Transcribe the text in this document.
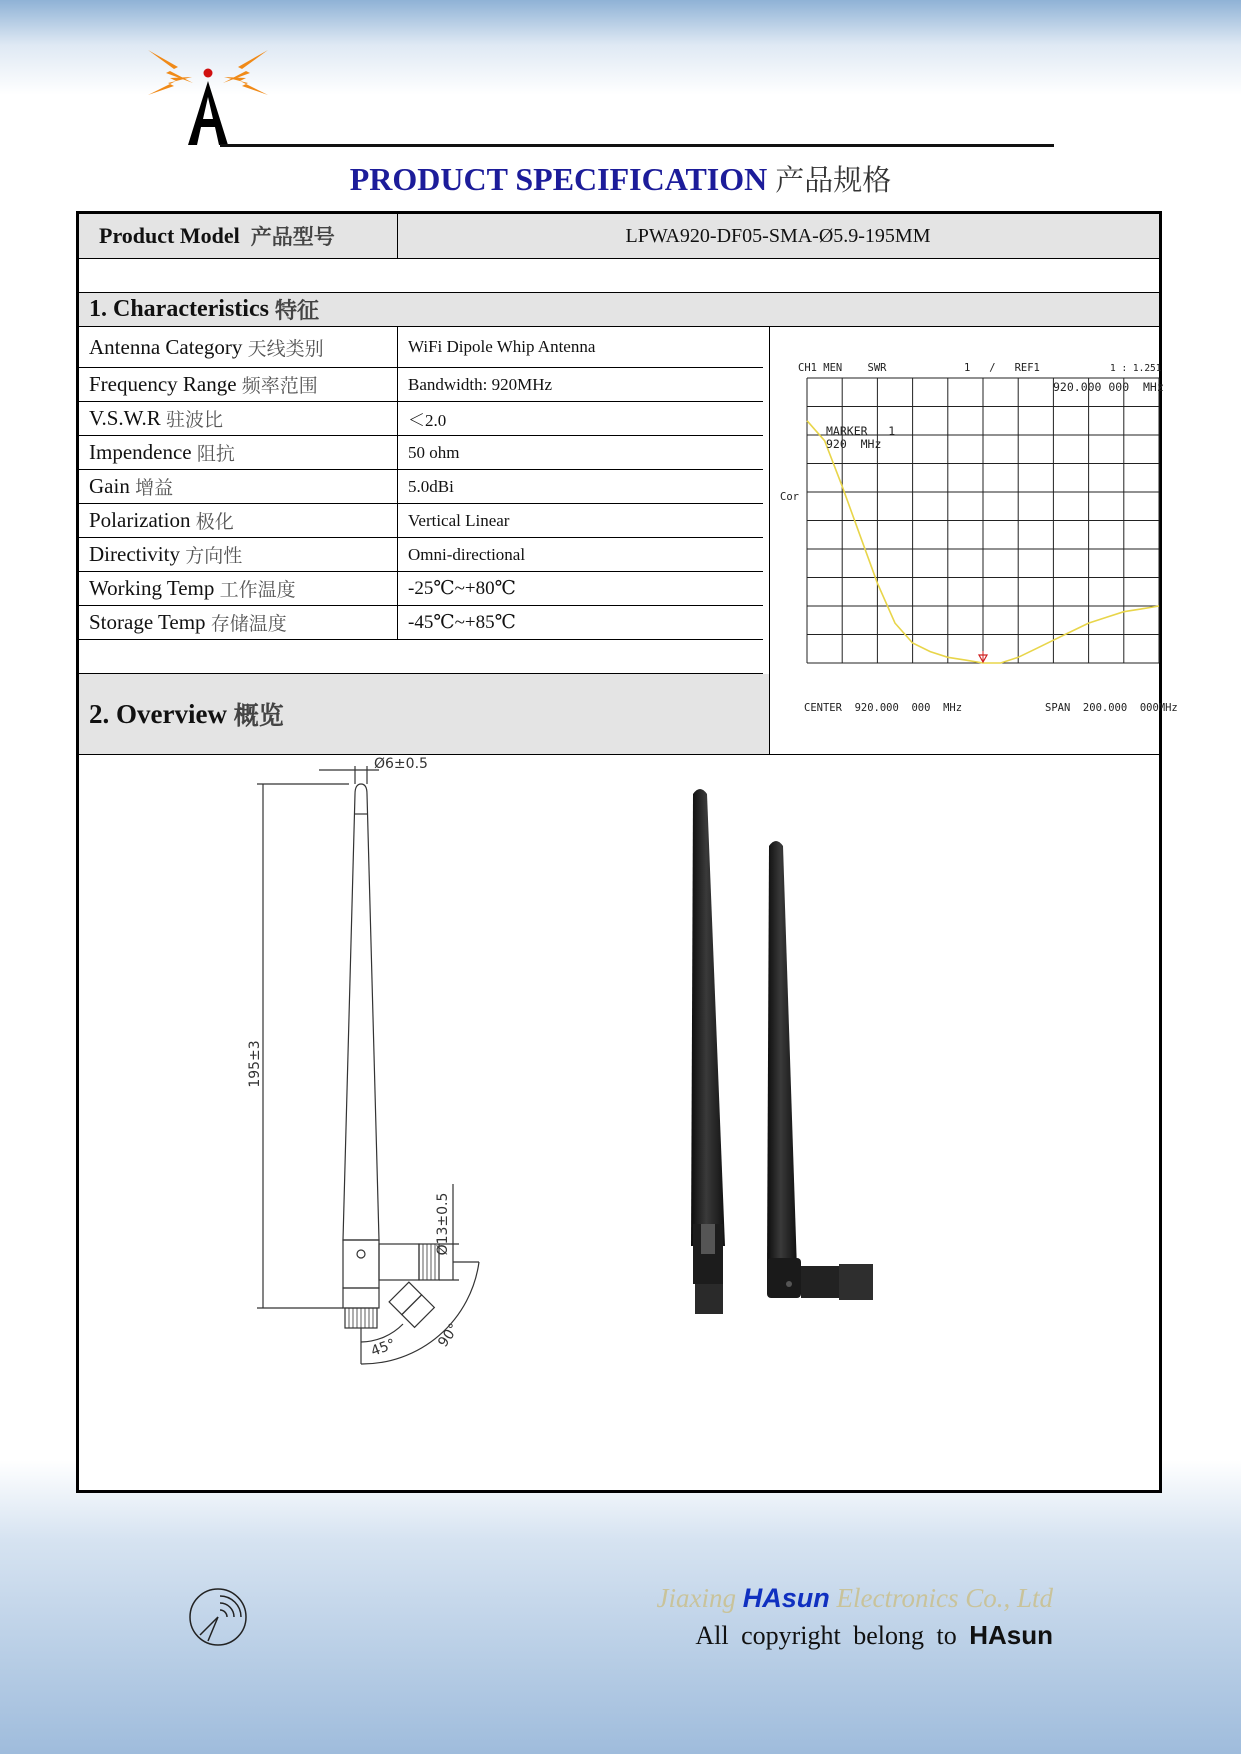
PRODUCT SPECIFICATION 产品规格
Product Model
产品型号	LPWA920-DF05-SMA-Ø5.9-195MM
1. Characteristics
特征
Antenna Category
天线类别	WiFi Dipole Whip Antenna
Frequency Range
频率范围	Bandwidth: 920MHz
V.S.W.R
驻波比	＜2.0
Impendence
阻抗	50 ohm
Gain
增益	5.0dBi
Polarization
极化	Vertical Linear
Directivity
方向性	Omni-directional
Working Temp
工作温度	-25℃~+80℃
Storage Temp
存储温度	-45℃~+85℃
2. Overview
概览
CH1 MEN    SWR	1   /   REF1	1 : 1.251
920.000 000  MHz
MARKER   1
920  MHz
Cor
CENTER  920.000  000  MHz	SPAN  200.000  000MHz
Ø6±0.5
195±3
Ø13±0.5
45°	90°
Jiaxing HAsun Electronics Co., Ltd
All copyright belong to HAsun
